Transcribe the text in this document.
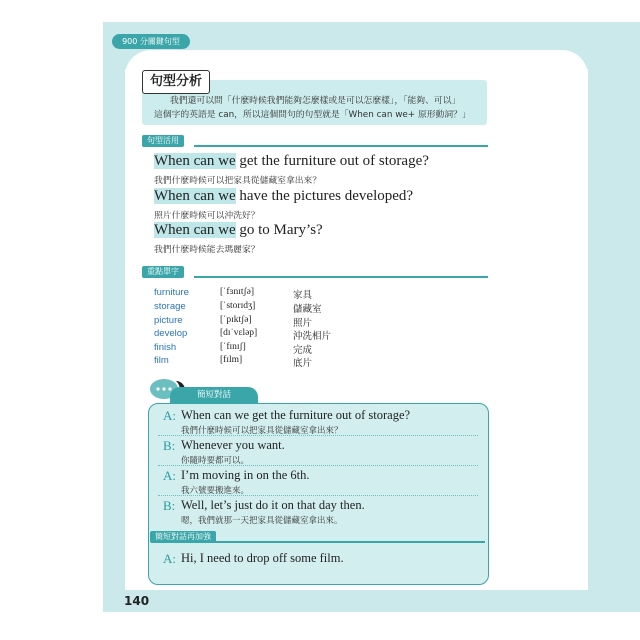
900 分關鍵句型

我們還可以問「什麼時候我們能夠怎麼樣或是可以怎麼樣」，「能夠、可以」

這個字的英語是 can，所以這個問句的句型就是「When can we+ 原形動詞？」

句型分析
句型活用
When can we get the furniture out of storage?
我們什麼時候可以把家具從儲藏室拿出來？
When can we have the pictures developed?
照片什麼時候可以沖洗好？
When can we go to Mary’s?
我們什麼時候能去瑪麗家？
重點單字
furniture	[ˈfɜnɪtʃə]	家具
storage	[ˈstorɪdʒ]	儲藏室
picture	[ˈpɪktʃə]	照片
develop	[dɪˈvɛləp]	沖洗相片
finish	[ˈfɪnɪʃ]	完成
film	[fɪlm]	底片
簡短對話
A: When can we get the furniture out of storage?
我們什麼時候可以把家具從儲藏室拿出來？
B: Whenever you want.
你隨時要都可以。
A: I’m moving in on the 6th.
我六號要搬進來。
B: Well, let’s just do it on that day then.
嗯，我們就那一天把家具從儲藏室拿出來。
簡短對話再加強
A: Hi, I need to drop off some film.
140
